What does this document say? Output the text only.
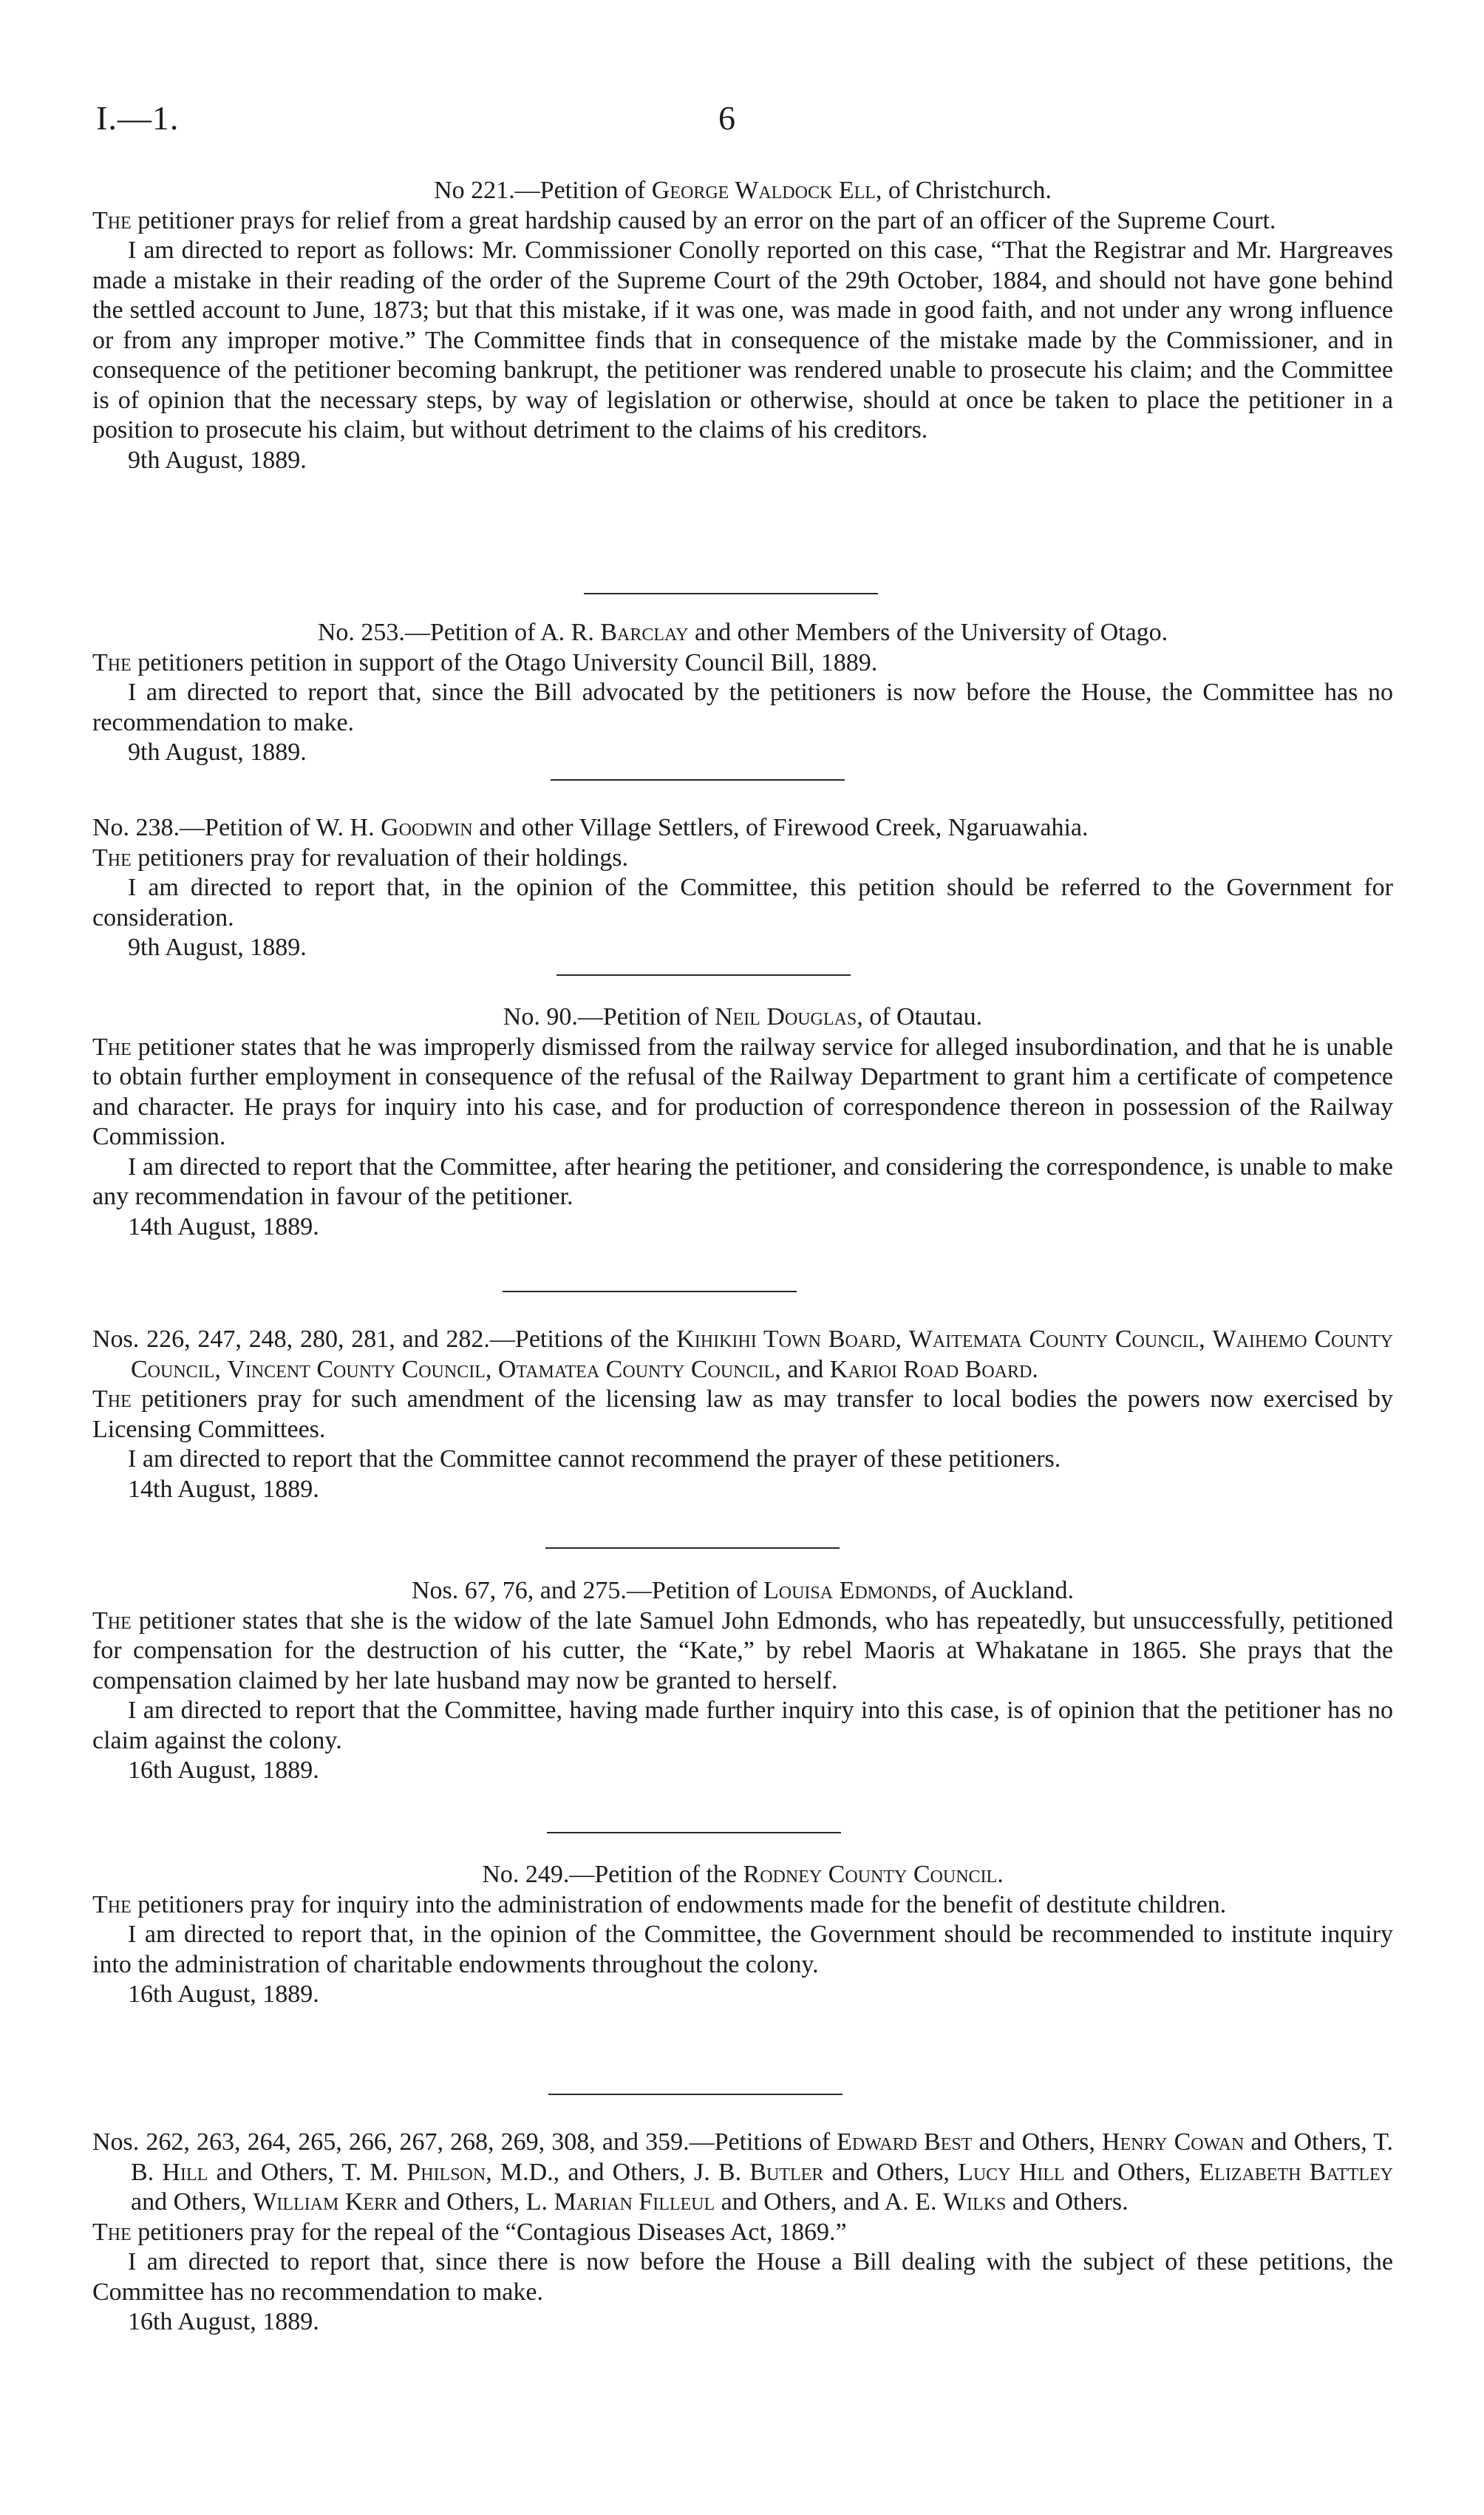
I.—1.	6

No 221.—Petition of George Waldock Ell, of Christchurch.

The petitioner prays for relief from a great hardship caused by an error on the part of an officer of the Supreme Court.

I am directed to report as follows: Mr. Commissioner Conolly reported on this case, “That the Registrar and Mr. Hargreaves made a mistake in their reading of the order of the Supreme Court of the 29th October, 1884, and should not have gone behind the settled account to June, 1873; but that this mistake, if it was one, was made in good faith, and not under any wrong influence or from any improper motive.” The Committee finds that in consequence of the mistake made by the Commissioner, and in consequence of the petitioner becoming bankrupt, the petitioner was rendered unable to prosecute his claim; and the Committee is of opinion that the necessary steps, by way of legislation or otherwise, should at once be taken to place the petitioner in a position to prosecute his claim, but without detriment to the claims of his creditors.

9th August, 1889.

No. 253.—Petition of A. R. Barclay and other Members of the University of Otago.

The petitioners petition in support of the Otago University Council Bill, 1889.

I am directed to report that, since the Bill advocated by the petitioners is now before the House, the Committee has no recommendation to make.

9th August, 1889.

No. 238.—Petition of W. H. Goodwin and other Village Settlers, of Firewood Creek, Ngaruawahia.

The petitioners pray for revaluation of their holdings.

I am directed to report that, in the opinion of the Committee, this petition should be referred to the Government for consideration.

9th August, 1889.

No. 90.—Petition of Neil Douglas, of Otautau.

The petitioner states that he was improperly dismissed from the railway service for alleged insubordination, and that he is unable to obtain further employment in consequence of the refusal of the Railway Department to grant him a certificate of competence and character. He prays for inquiry into his case, and for production of correspondence thereon in possession of the Railway Commission.

I am directed to report that the Committee, after hearing the petitioner, and considering the correspondence, is unable to make any recommendation in favour of the petitioner.

14th August, 1889.

Nos. 226, 247, 248, 280, 281, and 282.—Petitions of the Kihikihi Town Board, Waitemata County Council, Waihemo County Council, Vincent County Council, Otamatea County Council, and Karioi Road Board.

The petitioners pray for such amendment of the licensing law as may transfer to local bodies the powers now exercised by Licensing Committees.

I am directed to report that the Committee cannot recommend the prayer of these petitioners.

14th August, 1889.

Nos. 67, 76, and 275.—Petition of Louisa Edmonds, of Auckland.

The petitioner states that she is the widow of the late Samuel John Edmonds, who has repeatedly, but unsuccessfully, petitioned for compensation for the destruction of his cutter, the “Kate,” by rebel Maoris at Whakatane in 1865. She prays that the compensation claimed by her late husband may now be granted to herself.

I am directed to report that the Committee, having made further inquiry into this case, is of opinion that the petitioner has no claim against the colony.

16th August, 1889.

No. 249.—Petition of the Rodney County Council.

The petitioners pray for inquiry into the administration of endowments made for the benefit of destitute children.

I am directed to report that, in the opinion of the Committee, the Government should be recommended to institute inquiry into the administration of charitable endowments throughout the colony.

16th August, 1889.

Nos. 262, 263, 264, 265, 266, 267, 268, 269, 308, and 359.—Petitions of Edward Best and Others, Henry Cowan and Others, T. B. Hill and Others, T. M. Philson, M.D., and Others, J. B. Butler and Others, Lucy Hill and Others, Elizabeth Battley and Others, William Kerr and Others, L. Marian Filleul and Others, and A. E. Wilks and Others.

The petitioners pray for the repeal of the “Contagious Diseases Act, 1869.”

I am directed to report that, since there is now before the House a Bill dealing with the subject of these petitions, the Committee has no recommendation to make.

16th August, 1889.
